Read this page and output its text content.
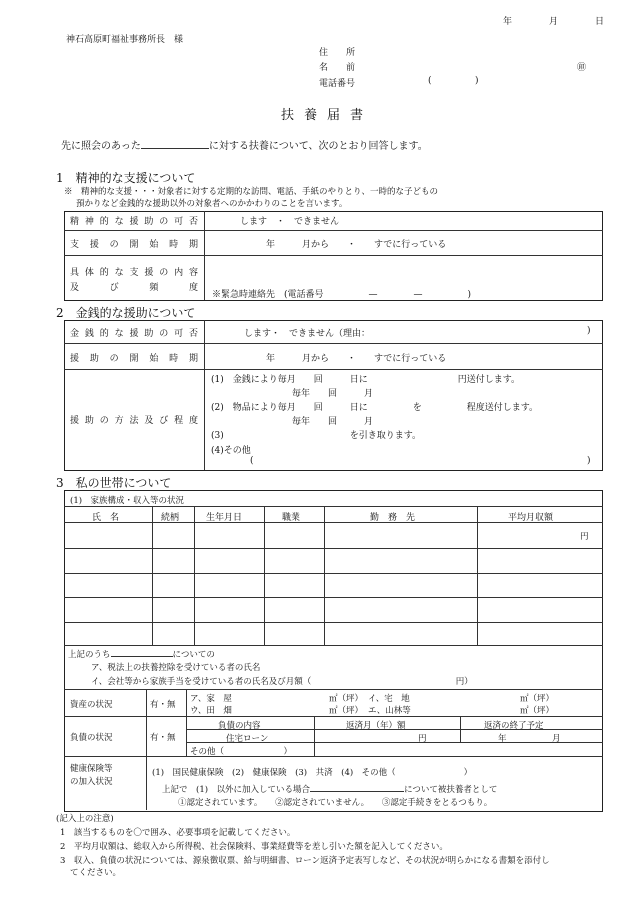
年	月	日
神石高原町福祉事務所長　様
住　　所
名　　前	㊞
電話番号	(	)
扶養届書
先に照会のあった	に対する扶養について、次のとおり回答します。
1　精神的な支援について
※　精神的な支援・・・対象者に対する定期的な訪問、電話、手紙のやりとり、一時的な子どもの
預かりなど金銭的な援助以外の対象者へのかかわりのことを言います。
精神的な援助の可否	します　・　できません
支援の開始時期	年　　　月から　　・　　すでに行っている
具体的な支援の内容
及び頻度
※緊急時連絡先　(電話番号　　　　　—　　　　—　　　　　)
2　金銭的な援助について
金銭的な援助の可否	します・　できません（理由：	)
援助の開始時期	年　　　月から　　・　　すでに行っている
援助の方法及び程度
(1)　金銭により毎月　　回　　　日に　　　　　　　　　　円送付します。
毎年　　回　　　月
(2)　物品により毎月　　回　　　日に　　　　　を　　　　　程度送付します。
毎年　　回　　　月
(3)　　　　　　　　　　　　　　を引き取ります。
(4)その他
(	)
3　私の世帯について
(1)　家族構成・収入等の状況
氏　名	続柄	生年月日	職業	勤　務　先	平均月収額
円
上記のうち	についての
ア、税法上の扶養控除を受けている者の氏名
イ、会社等から家族手当を受けている者の氏名及び月額（　　　　　　　　　　　　　　　　　円）
資産の状況	有・無
ア、家　屋	㎡（坪） イ、宅　地	㎡（坪）
ウ、田　畑	㎡（坪） エ、山林等	㎡（坪）
負債の状況	有・無
負債の内容	返済月（年）額	返済の終了予定
住宅ローン	円	年	月
その他（　　　　　　　）
健康保険等
の加入状況
(1)　国民健康保険　(2)　健康保険　(3)　共済　(4)　その他（　　　　　　　　）
上記で　(1)　以外に加入している場合	について被扶養者として
①認定されています。　　②認定されていません。　　③認定手続きをとるつもり。
(記入上の注意)
1　該当するものを〇で囲み、必要事項を記載してください。
2　平均月収額は、総収入から所得税、社会保険料、事業経費等を差し引いた額を記入してください。
3　収入、負債の状況については、源泉徴収票、給与明細書、ローン返済予定表写しなど、その状況が明らかになる書類を添付し
てください。
